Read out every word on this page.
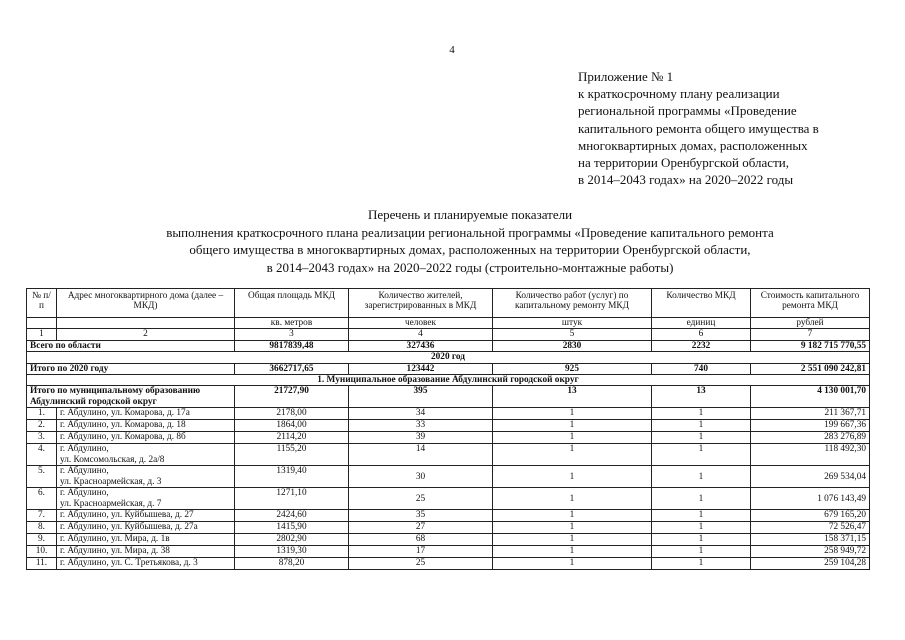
4
Приложение № 1
к краткосрочному плану реализации
региональной программы «Проведение
капитального ремонта общего имущества в
многоквартирных домах, расположенных
на территории Оренбургской области,
в 2014–2043 годах» на 2020–2022 годы
Перечень и планируемые показатели
выполнения краткосрочного плана реализации региональной программы «Проведение капитального ремонта
общего имущества в многоквартирных домах, расположенных на территории Оренбургской области,
в 2014–2043 годах» на 2020–2022 годы (строительно-монтажные работы)
№ п/п	Адрес многоквартирного дома (далее – МКД)	Общая площадь МКД	Количество жителей, зарегистрированных в МКД	Количество работ (услуг) по капитальному ремонту МКД	Количество МКД	Стоимость капитального ремонта МКД
		кв. метров	человек	штук	единиц	рублей
1	2	3	4	5	6	7
Всего по области		9817839,48	327436	2830	2232	9 182 715 770,55
2020 год						
Итого по 2020 году		3662717,65	123442	925	740	2 551 090 242,81
1. Муниципальное образование Абдулинский городской округ						
Итого по муниципальному образованию Абдулинский городской округ		21727,90	395	13	13	4 130 001,70
1.	г. Абдулино, ул. Комарова, д. 17а	2178,00	34	1	1	211 367,71
2.	г. Абдулино, ул. Комарова, д. 18	1864,00	33	1	1	199 667,36
3.	г. Абдулино, ул. Комарова, д. 8б	2114,20	39	1	1	283 276,89
4.	г. Абдулино,
ул. Комсомольская, д. 2а/8	1155,20	14	1	1	118 492,30
5.	г. Абдулино,
ул. Красноармейская, д. 3	1319,40	30	1	1	269 534,04
6.	г. Абдулино,
ул. Красноармейская, д. 7	1271,10	25	1	1	1 076 143,49
7.	г. Абдулино, ул. Куйбышева, д. 27	2424,60	35	1	1	679 165,20
8.	г. Абдулино, ул. Куйбышева, д. 27а	1415,90	27	1	1	72 526,47
9.	г. Абдулино, ул. Мира, д. 1в	2802,90	68	1	1	158 371,15
10.	г. Абдулино, ул. Мира, д. 38	1319,30	17	1	1	258 949,72
11.	г. Абдулино, ул. С. Третьякова, д. 3	878,20	25	1	1	259 104,28
